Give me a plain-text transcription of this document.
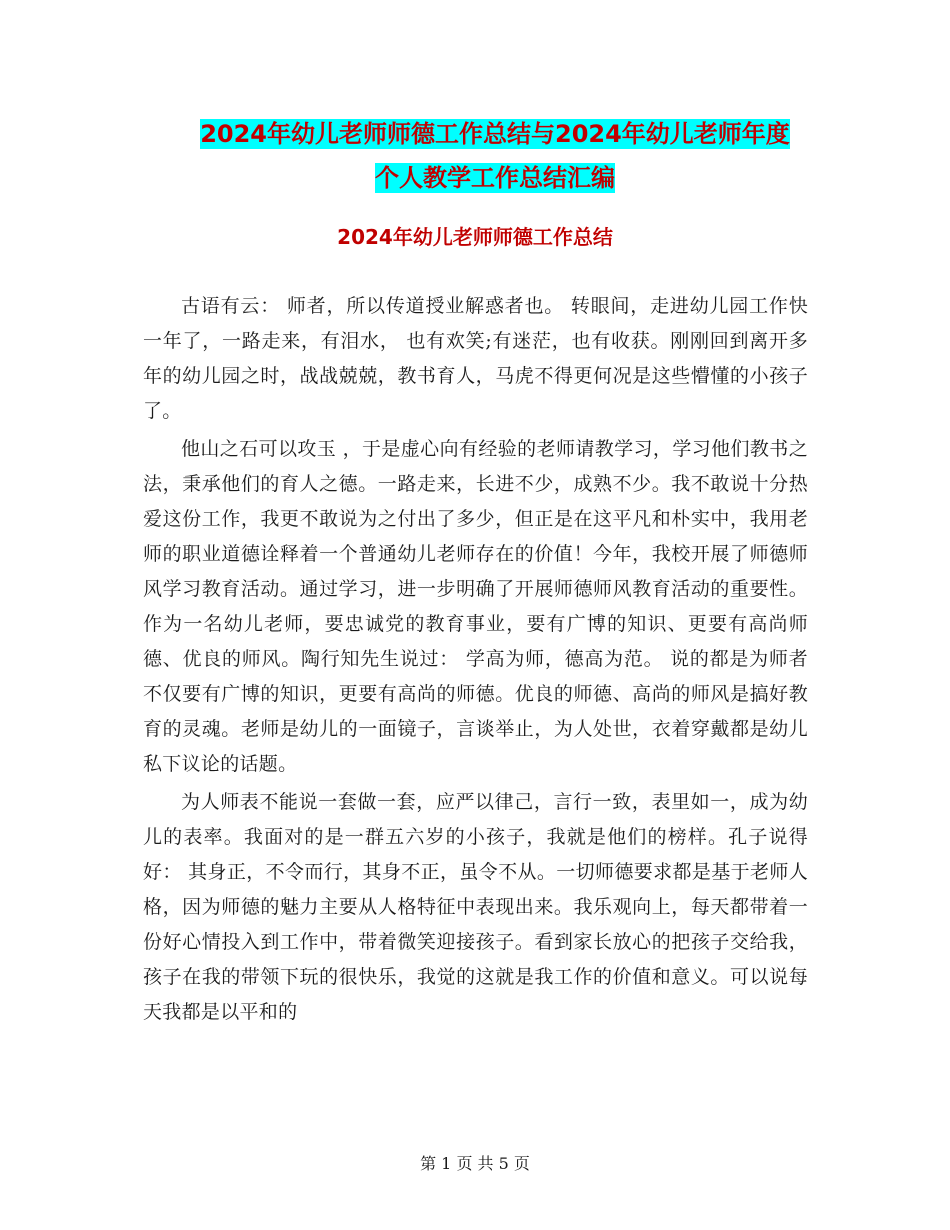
2024年幼儿老师师德工作总结与2024年幼儿老师年度
个人教学工作总结汇编
2024年幼儿老师师德工作总结

古语有云： 师者，所以传道授业解惑者也。 转眼间，走进幼儿园工作快一年了，一路走来，有泪水， 也有欢笑;有迷茫，也有收获。刚刚回到离开多年的幼儿园之时，战战兢兢，教书育人，马虎不得更何况是这些懵懂的小孩子了。

他山之石可以攻玉 ，于是虚心向有经验的老师请教学习，学习他们教书之法，秉承他们的育人之德。一路走来，长进不少，成熟不少。我不敢说十分热爱这份工作，我更不敢说为之付出了多少，但正是在这平凡和朴实中，我用老师的职业道德诠释着一个普通幼儿老师存在的价值！今年，我校开展了师德师风学习教育活动。通过学习，进一步明确了开展师德师风教育活动的重要性。作为一名幼儿老师，要忠诚党的教育事业，要有广博的知识、更要有高尚师德、优良的师风。陶行知先生说过： 学高为师，德高为范。 说的都是为师者不仅要有广博的知识，更要有高尚的师德。优良的师德、高尚的师风是搞好教育的灵魂。老师是幼儿的一面镜子，言谈举止，为人处世，衣着穿戴都是幼儿私下议论的话题。

为人师表不能说一套做一套，应严以律己，言行一致，表里如一，成为幼儿的表率。我面对的是一群五六岁的小孩子，我就是他们的榜样。孔子说得好： 其身正，不令而行，其身不正，虽令不从。一切师德要求都是基于老师人格，因为师德的魅力主要从人格特征中表现出来。我乐观向上，每天都带着一份好心情投入到工作中，带着微笑迎接孩子。看到家长放心的把孩子交给我，孩子在我的带领下玩的很快乐，我觉的这就是我工作的价值和意义。可以说每天我都是以平和的

第 1 页 共 5 页
